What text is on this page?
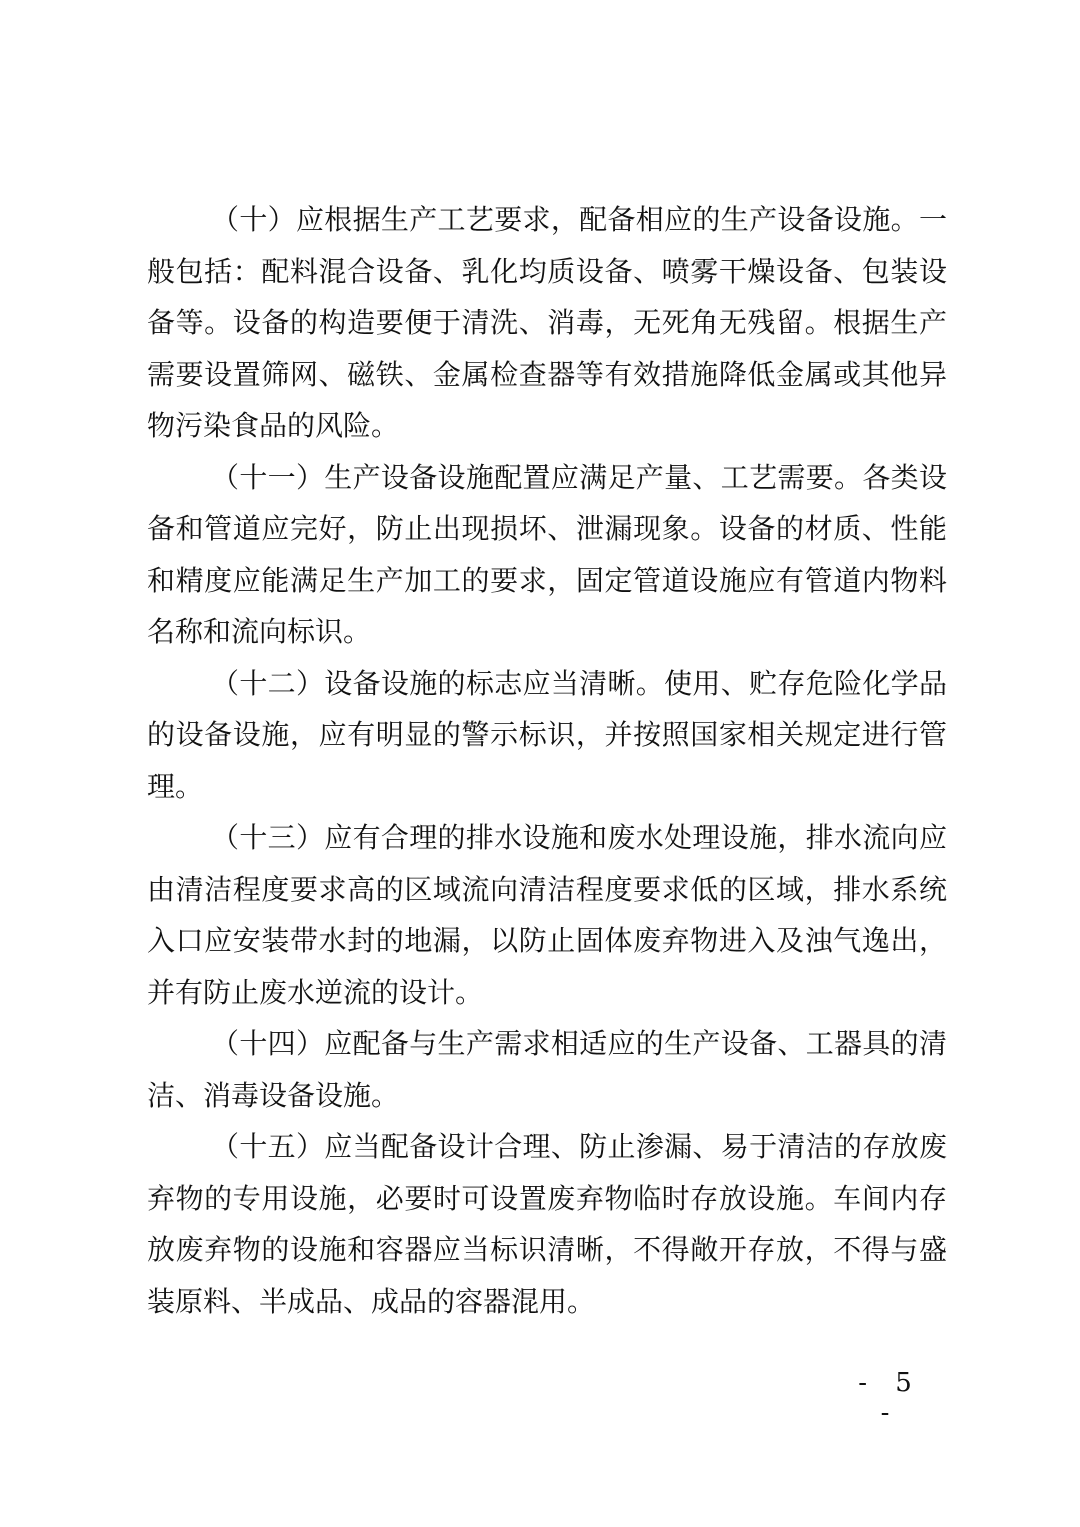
（十）应根据生产工艺要求，配备相应的生产设备设施。一
般包括：配料混合设备、乳化均质设备、喷雾干燥设备、包装设
备等。设备的构造要便于清洗、消毒，无死角无残留。根据生产
需要设置筛网、磁铁、金属检查器等有效措施降低金属或其他异
物污染食品的风险。
（十一）生产设备设施配置应满足产量、工艺需要。各类设
备和管道应完好，防止出现损坏、泄漏现象。设备的材质、性能
和精度应能满足生产加工的要求，固定管道设施应有管道内物料
名称和流向标识。
（十二）设备设施的标志应当清晰。使用、贮存危险化学品
的设备设施，应有明显的警示标识，并按照国家相关规定进行管
理。
（十三）应有合理的排水设施和废水处理设施，排水流向应
由清洁程度要求高的区域流向清洁程度要求低的区域，排水系统
入口应安装带水封的地漏，以防止固体废弃物进入及浊气逸出，
并有防止废水逆流的设计。
（十四）应配备与生产需求相适应的生产设备、工器具的清
洁、消毒设备设施。
（十五）应当配备设计合理、防止渗漏、易于清洁的存放废
弃物的专用设施，必要时可设置废弃物临时存放设施。车间内存
放废弃物的设施和容器应当标识清晰，不得敞开存放，不得与盛
装原料、半成品、成品的容器混用。
- 5 -
